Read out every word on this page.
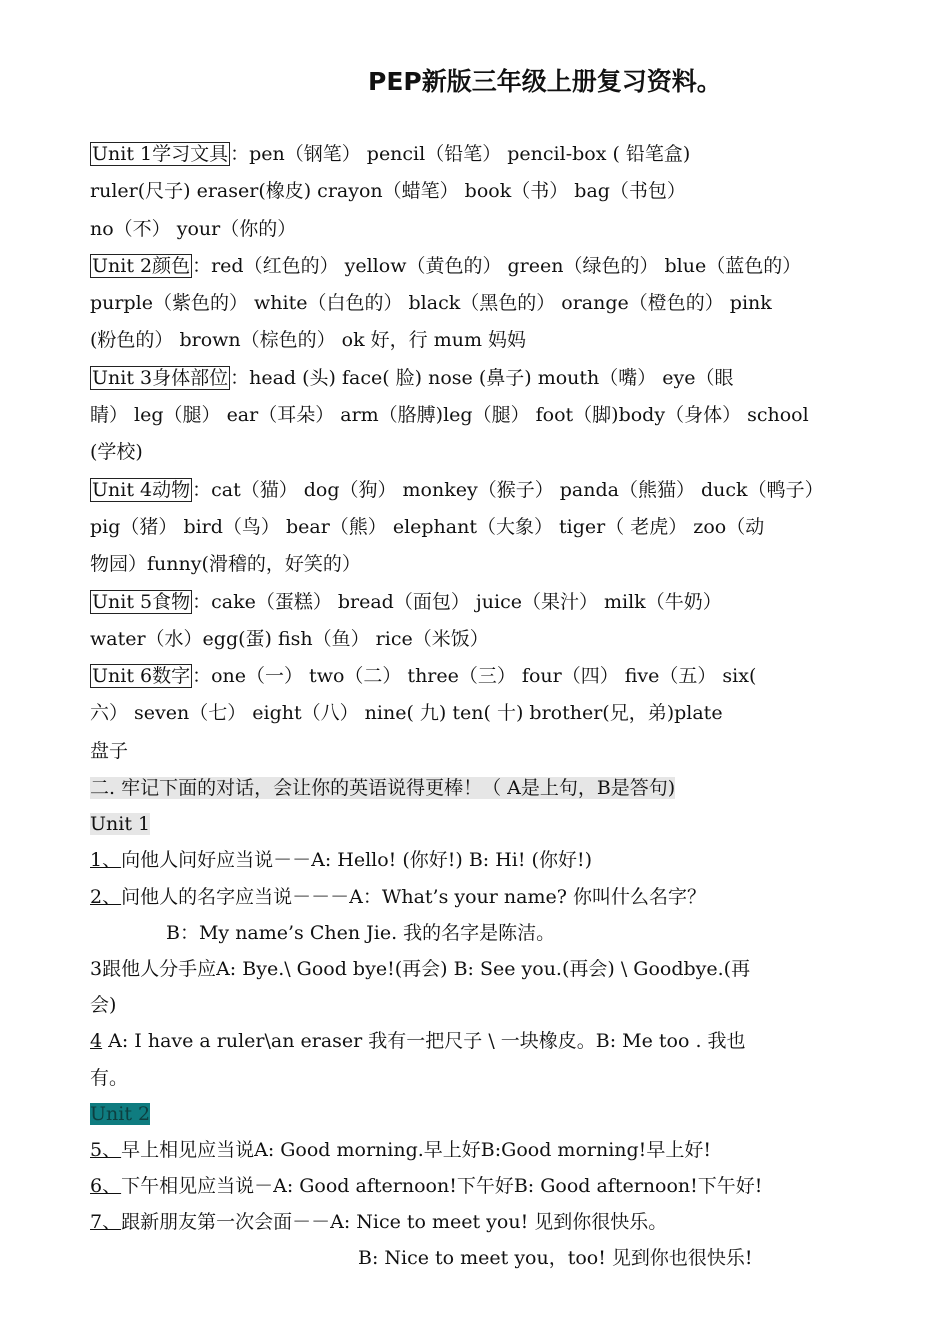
PEP新版三年级上册复习资料。
Unit 1学习文具 ：pen（钢笔） pencil（铅笔） pencil-box ( 铅笔盒)
ruler(尺子) eraser(橡皮) crayon（蜡笔） book（书） bag（书包）
no（不） your（你的）
Unit 2颜色 ：red（红色的） yellow（黄色的） green（绿色的） blue（蓝色的）
purple（紫色的） white（白色的） black（黑色的） orange（橙色的） pink
(粉色的） brown（棕色的） ok 好，行 mum 妈妈
Unit 3身体部位 ：head (头) face( 脸) nose (鼻子) mouth（嘴） eye（眼
睛） leg（腿） ear（耳朵） arm（胳膊)leg（腿） foot（脚)body（身体） school
(学校)
Unit 4动物 ：cat（猫） dog（狗） monkey（猴子） panda（熊猫） duck（鸭子）
pig（猪） bird（鸟） bear（熊） elephant（大象） tiger（ 老虎） zoo（动
物园）funny(滑稽的，好笑的）
Unit 5食物 ：cake（蛋糕） bread（面包） juice（果汁） milk（牛奶）
water（水）egg(蛋) fish（鱼） rice（米饭）
Unit 6数字 ：one（一） two（二） three（三） four（四） five（五） six(
六） seven（七） eight（八） nine( 九) ten( 十) brother(兄，弟)plate
盘子
二. 牢记下面的对话，会让你的英语说得更棒！（ A是上句，B是答句)
Unit 1
1、向他人问好应当说－－A: Hello! (你好!) B: Hi! (你好!)
2、问他人的名字应当说－－－A：What’s your name? 你叫什么名字？
B：My name’s Chen Jie. 我的名字是陈洁。
3跟他人分手应A: Bye.\ Good bye!(再会) B: See you.(再会) \ Goodbye.(再
会)
4 A: I have a ruler\an eraser 我有一把尺子 \ 一块橡皮。B: Me too . 我也
有。
Unit 2
5、早上相见应当说A: Good morning.早上好B:Good morning!早上好!
6、下午相见应当说－A: Good afternoon!下午好B: Good afternoon!下午好!
7、跟新朋友第一次会面－－A: Nice to meet you! 见到你很快乐。
B: Nice to meet you，too! 见到你也很快乐!
